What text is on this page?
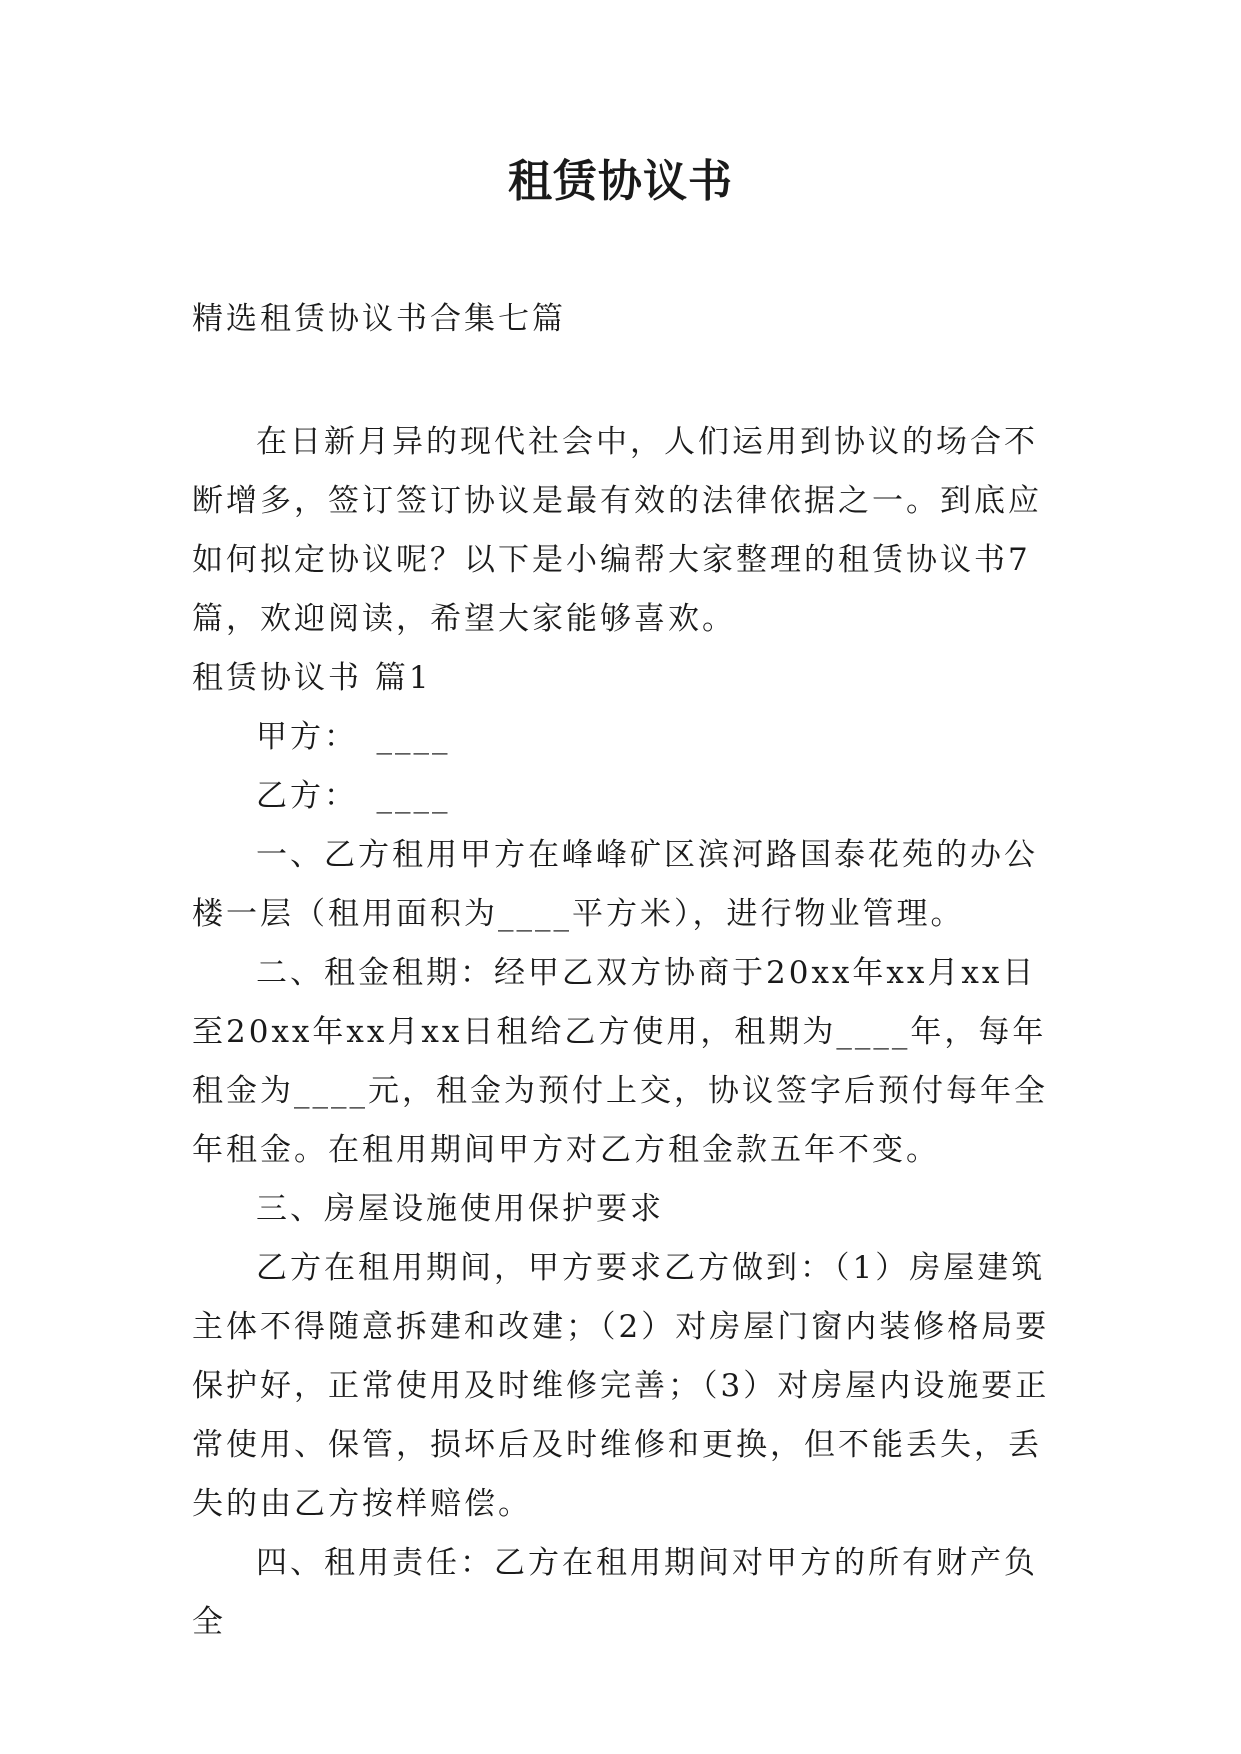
租赁协议书

精选租赁协议书合集七篇

在日新月异的现代社会中，人们运用到协议的场合不断增多，签订签订协议是最有效的法律依据之一。到底应如何拟定协议呢？以下是小编帮大家整理的租赁协议书7篇，欢迎阅读，希望大家能够喜欢。

租赁协议书 篇1

甲方：　____

乙方：　____

一、乙方租用甲方在峰峰矿区滨河路国泰花苑的办公楼一层（租用面积为____平方米），进行物业管理。

二、租金租期：经甲乙双方协商于20xx年xx月xx日至20xx年xx月xx日租给乙方使用，租期为____年，每年租金为____元，租金为预付上交，协议签字后预付每年全年租金。在租用期间甲方对乙方租金款五年不变。

三、房屋设施使用保护要求

乙方在租用期间，甲方要求乙方做到：（1）房屋建筑主体不得随意拆建和改建；（2）对房屋门窗内装修格局要保护好，正常使用及时维修完善；（3）对房屋内设施要正常使用、保管，损坏后及时维修和更换，但不能丢失，丢失的由乙方按样赔偿。

四、租用责任：乙方在租用期间对甲方的所有财产负全
